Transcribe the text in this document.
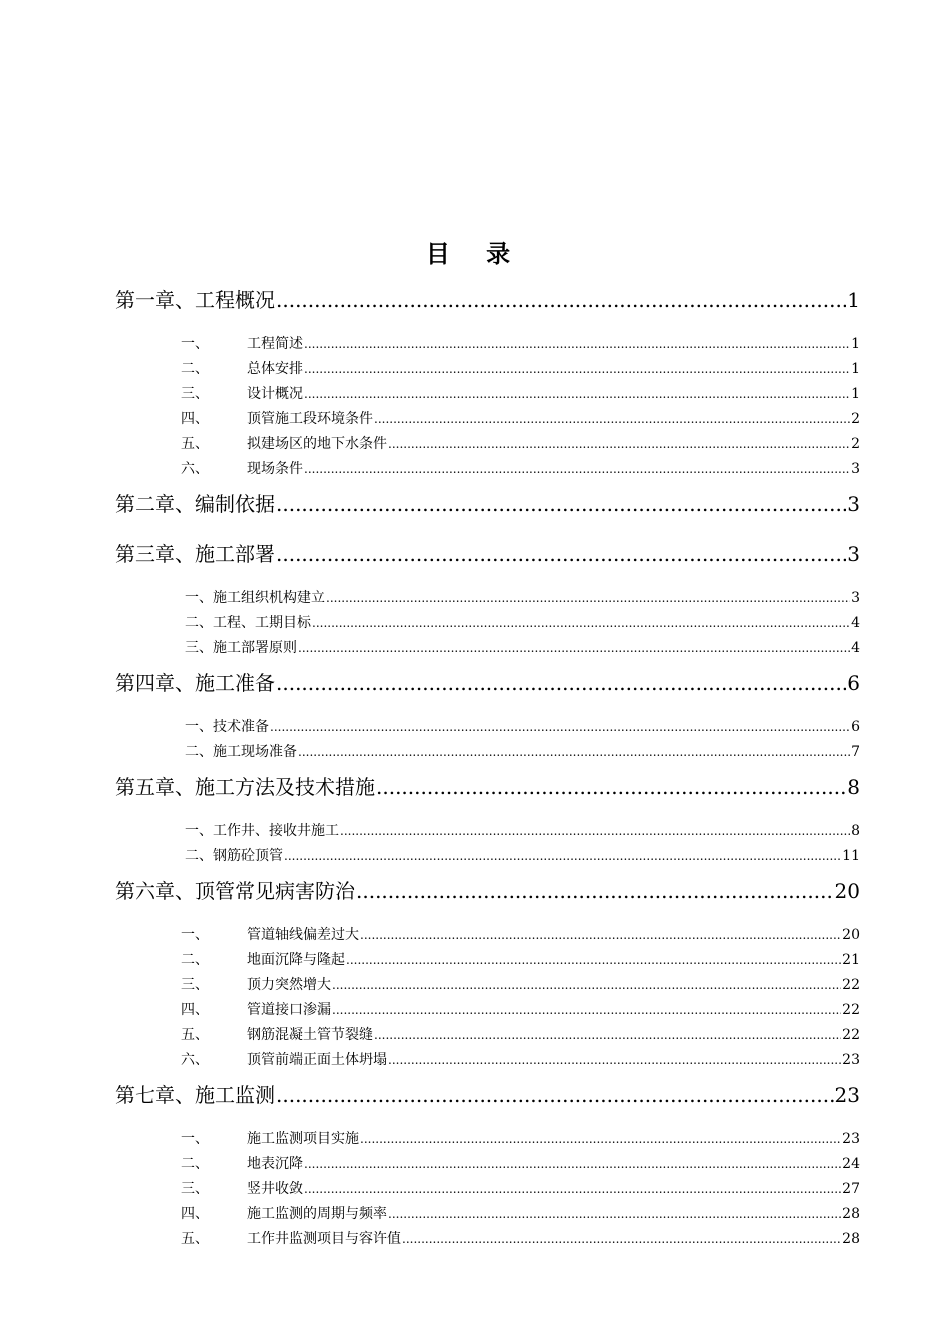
目 录
第一章、工程概况 .....	1
一、	工程简述 .....	1
二、	总体安排 .....	1
三、	设计概况 .....	1
四、	顶管施工段环境条件 .....	2
五、	拟建场区的地下水条件 .....	2
六、	现场条件 .....	3
第二章、编制依据 .....	3
第三章、施工部署 .....	3
一、施工组织机构建立 .....	3
二、工程、工期目标 .....	4
三、施工部署原则 .....	4
第四章、施工准备 .....	6
一、技术准备 .....	6
二、施工现场准备 .....	7
第五章、施工方法及技术措施 .....	8
一、工作井、接收井施工 .....	8
二、钢筋砼顶管 .....	11
第六章、顶管常见病害防治 .....	20
一、	管道轴线偏差过大 .....	20
二、	地面沉降与隆起 .....	21
三、	顶力突然增大 .....	22
四、	管道接口渗漏 .....	22
五、	钢筋混凝土管节裂缝 .....	22
六、	顶管前端正面土体坍塌 .....	23
第七章、施工监测 .....	23
一、	施工监测项目实施 .....	23
二、	地表沉降 .....	24
三、	竖井收敛 .....	27
四、	施工监测的周期与频率 .....	28
五、	工作井监测项目与容许值 .....	28
